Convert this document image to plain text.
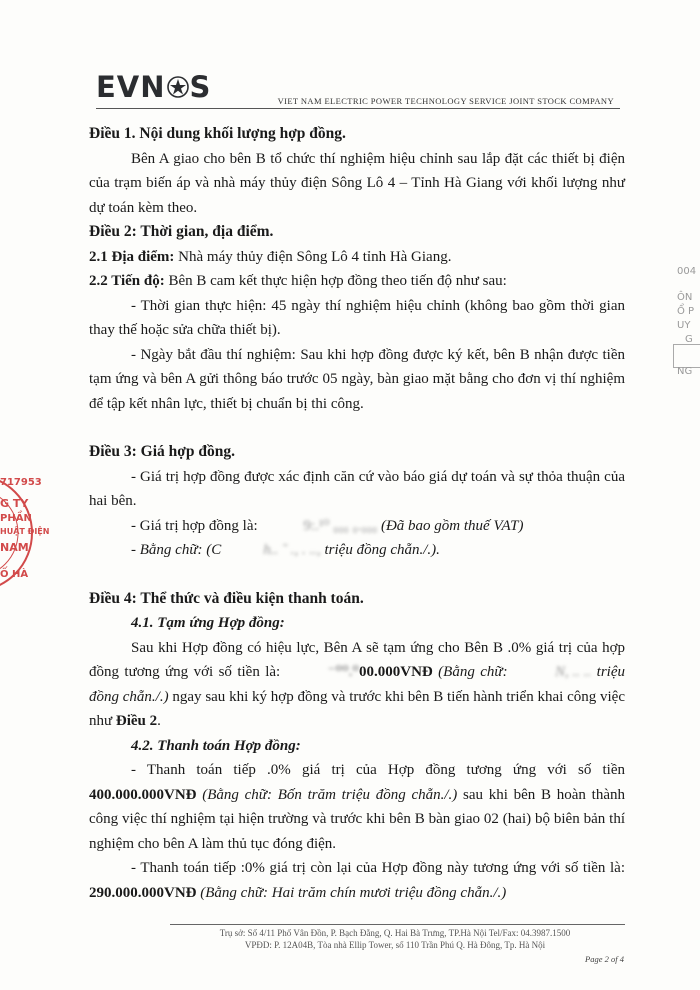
EVN S	VIET NAM ELECTRIC POWER TECHNOLOGY SERVICE JOINT STOCK COMPANY

Điều 1. Nội dung khối lượng hợp đồng.

Bên A giao cho bên B tổ chức thí nghiệm hiệu chỉnh sau lắp đặt các thiết bị điện của trạm biến áp và nhà máy thủy điện Sông Lô 4 – Tỉnh Hà Giang với khối lượng như dự toán kèm theo.

Điều 2: Thời gian, địa điểm.

2.1 Địa điểm: Nhà máy thủy điện Sông Lô 4 tỉnh Hà Giang.

2.2 Tiến độ: Bên B cam kết thực hiện hợp đồng theo tiến độ như sau:

- Thời gian thực hiện: 45 ngày thí nghiệm hiệu chỉnh (không bao gồm thời gian thay thế hoặc sửa chữa thiết bị).

- Ngày bắt đầu thí nghiệm: Sau khi hợp đồng được ký kết, bên B nhận được tiền tạm ứng và bên A gửi thông báo trước 05 ngày, bàn giao mặt bằng cho đơn vị thí nghiệm để tập kết nhân lực, thiết bị chuẩn bị thi công.

Điều 3: Giá hợp đồng.

- Giá trị hợp đồng được xác định căn cứ vào báo giá dự toán và sự thỏa thuận của hai bên.

- Giá trị hợp đồng là:	9:.¹⁰ ₀₀₀ ₀.₀₀₀ (Đã bao gồm thuế VAT)

- Bằng chữ: (C	h.. ˜ ., . .., triệu đồng chẵn./.).

Điều 4: Thể thức và điều kiện thanh toán.

4.1. Tạm ứng Hợp đồng:

Sau khi Hợp đồng có hiệu lực, Bên A sẽ tạm ứng cho Bên B .0% giá trị của hợp đồng tương ứng với số tiền là:	⁻⁰⁰.⁰00.000VNĐ (Bằng chữ:	N, .. .. triệu đồng chẵn./.) ngay sau khi ký hợp đồng và trước khi bên B tiến hành triển khai công việc như Điều 2.

4.2. Thanh toán Hợp đồng:

- Thanh toán tiếp .0% giá trị của Hợp đồng tương ứng với số tiền 400.000.000VNĐ (Bằng chữ: Bốn trăm triệu đồng chẵn./.) sau khi bên B hoàn thành công việc thí nghiệm tại hiện trường và trước khi bên B bàn giao 02 (hai) bộ biên bản thí nghiệm cho bên A làm thủ tục đóng điện.

- Thanh toán tiếp :0% giá trị còn lại của Hợp đồng này tương ứng với số tiền là: 290.000.000VNĐ (Bằng chữ: Hai trăm chín mươi triệu đồng chẵn./.)

Trụ sở: Số 4/11 Phố Vân Đồn, P. Bạch Đằng, Q. Hai Bà Trưng, TP.Hà Nội Tel/Fax: 04.3987.1500
VPĐD: P. 12A04B, Tòa nhà Ellip Tower, số 110 Trần Phú Q. Hà Đông, Tp. Hà Nội
Page 2 of 4
717953
G TY
PHẦN
HUẬT ĐIỆN
NAM
Ố HÀ
004
ÔN
Ổ P
UY
G
NG
